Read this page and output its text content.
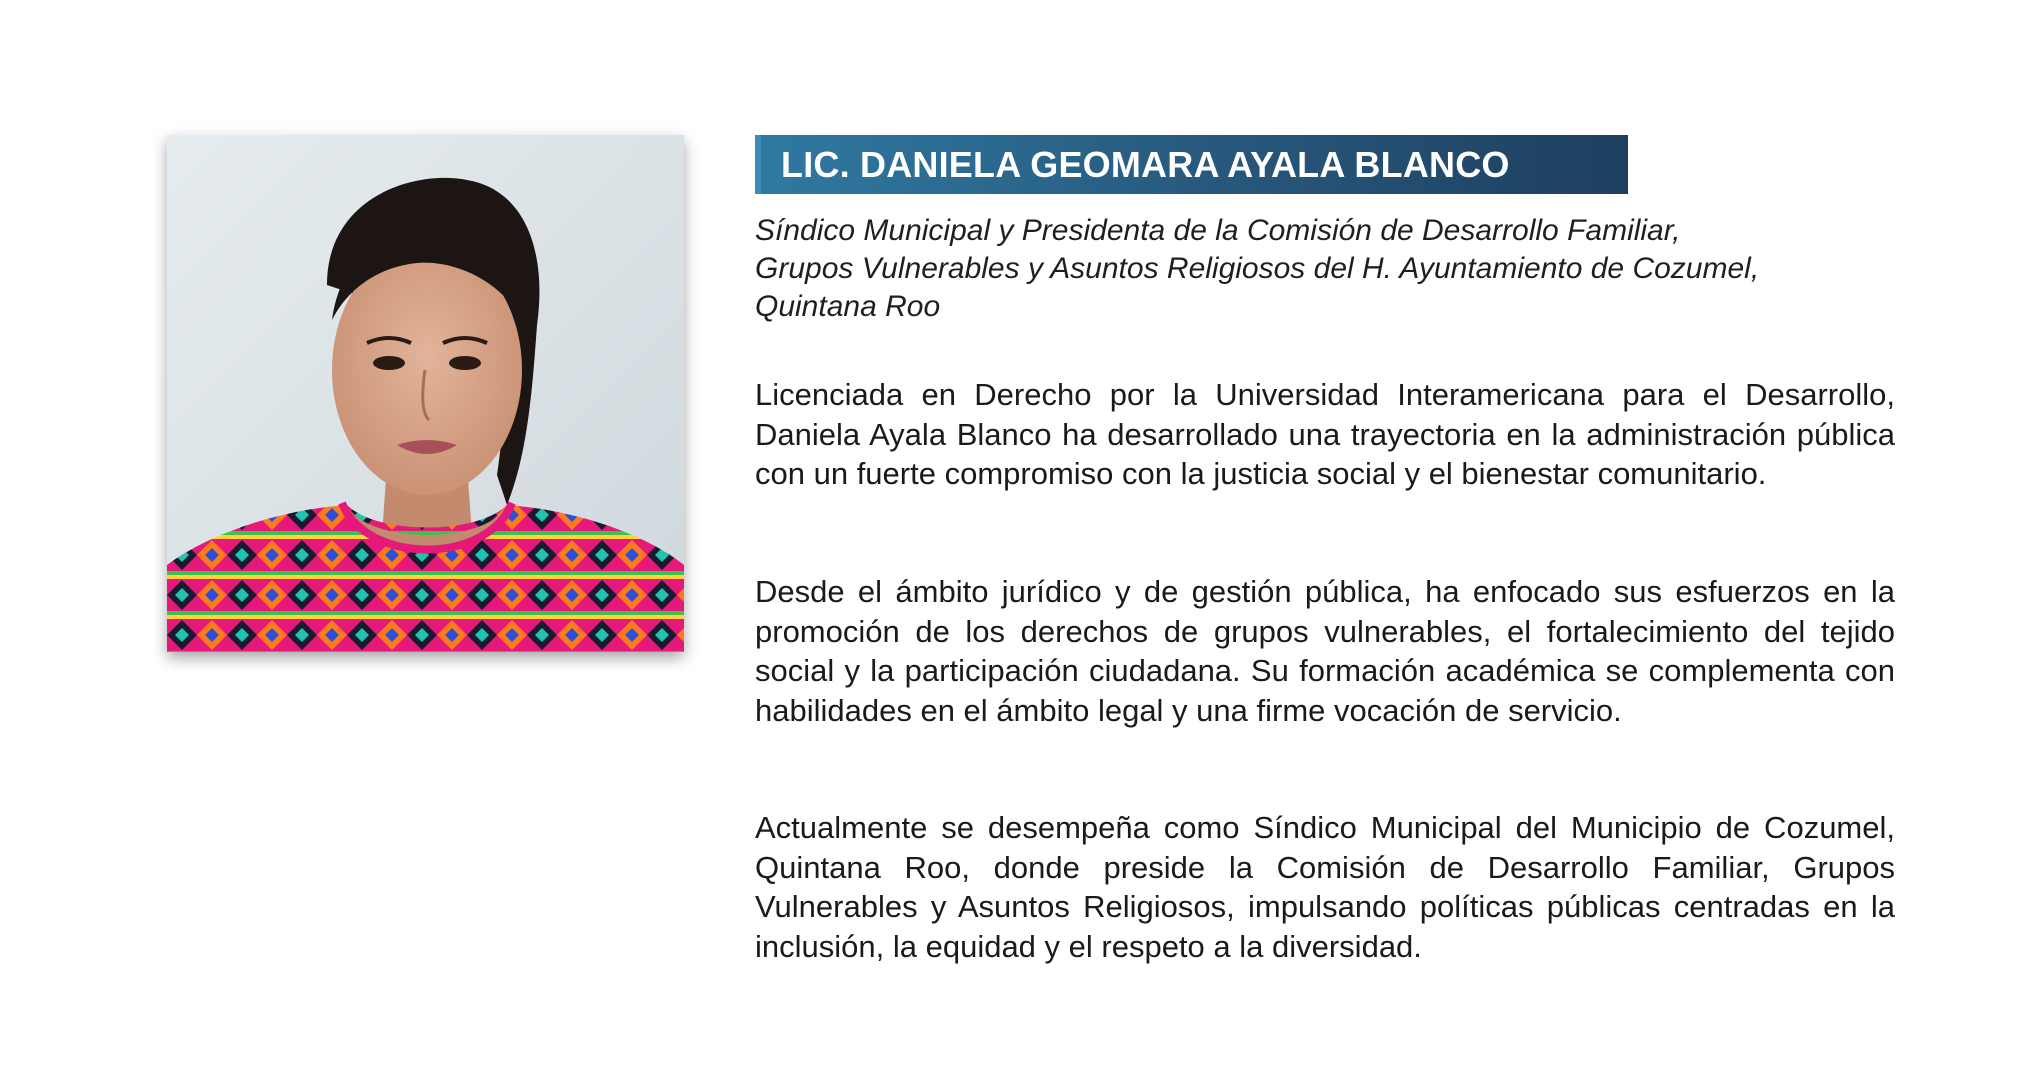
LIC. DANIELA GEOMARA AYALA BLANCO
Síndico Municipal y Presidenta de la Comisión de Desarrollo Familiar,
Grupos Vulnerables y Asuntos Religiosos del H. Ayuntamiento de Cozumel,
Quintana Roo

Licenciada en Derecho por la Universidad Interamericana para el Desarrollo, Daniela Ayala Blanco ha desarrollado una trayectoria en la administración pública con un fuerte compromiso con la justicia social y el bienestar comunitario.

Desde el ámbito jurídico y de gestión pública, ha enfocado sus esfuerzos en la promoción de los derechos de grupos vulnerables, el fortalecimiento del tejido social y la participación ciudadana. Su formación académica se complementa con habilidades en el ámbito legal y una firme vocación de servicio.

Actualmente se desempeña como Síndico Municipal del Municipio de Cozumel, Quintana Roo, donde preside la Comisión de Desarrollo Familiar, Grupos Vulnerables y Asuntos Religiosos, impulsando políticas públicas centradas en la inclusión, la equidad y el respeto a la diversidad.
